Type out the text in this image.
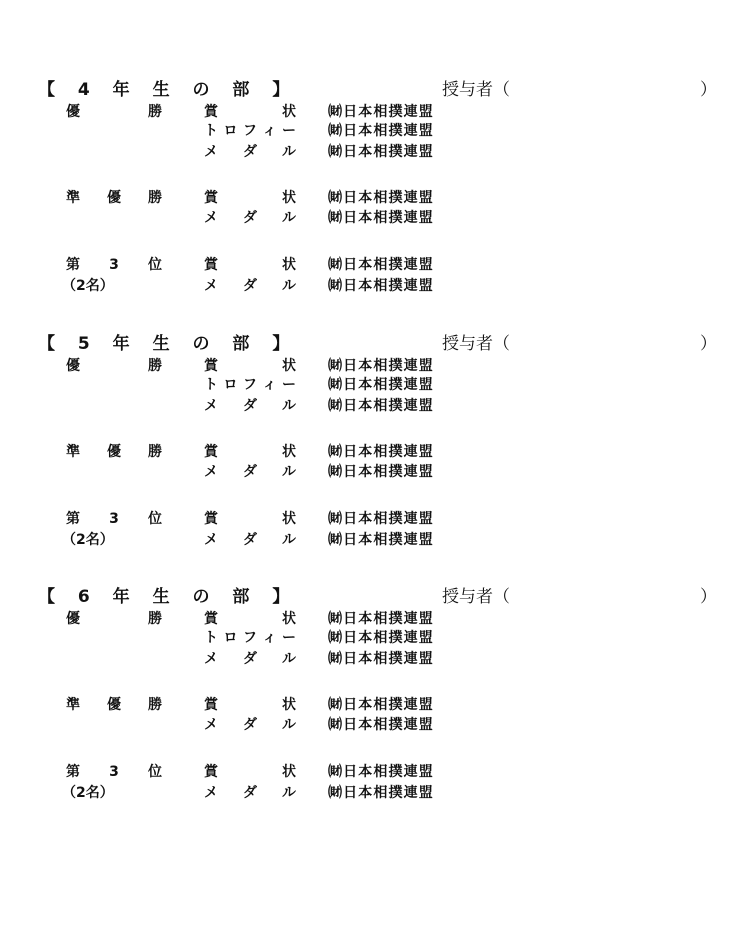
【 4 年 生 の 部 】	授与者（	）
優	勝	賞	状 ㈶日本相撲連盟
ト ロ フ ィ ー ㈶日本相撲連盟
メ ダ ル ㈶日本相撲連盟
準 優 勝	賞	状 ㈶日本相撲連盟
メ ダ ル ㈶日本相撲連盟
第 3 位	賞	状 ㈶日本相撲連盟
（2名）	メ ダ ル ㈶日本相撲連盟
【 5 年 生 の 部 】	授与者（	）
優	勝	賞	状 ㈶日本相撲連盟
ト ロ フ ィ ー ㈶日本相撲連盟
メ ダ ル ㈶日本相撲連盟
準 優 勝	賞	状 ㈶日本相撲連盟
メ ダ ル ㈶日本相撲連盟
第 3 位	賞	状 ㈶日本相撲連盟
（2名）	メ ダ ル ㈶日本相撲連盟
【 6 年 生 の 部 】	授与者（	）
優	勝	賞	状 ㈶日本相撲連盟
ト ロ フ ィ ー ㈶日本相撲連盟
メ ダ ル ㈶日本相撲連盟
準 優 勝	賞	状 ㈶日本相撲連盟
メ ダ ル ㈶日本相撲連盟
第 3 位	賞	状 ㈶日本相撲連盟
（2名）	メ ダ ル ㈶日本相撲連盟
